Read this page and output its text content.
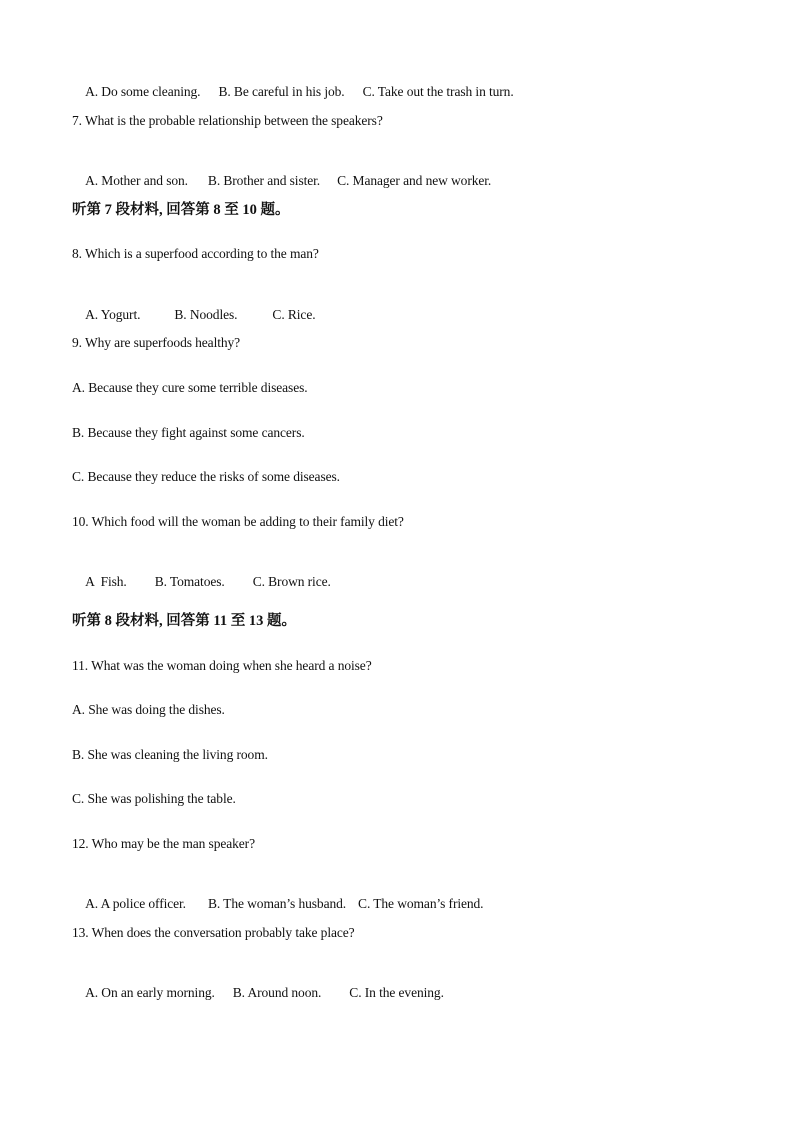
A. Do some cleaning. B. Be careful in his job. C. Take out the trash in turn.

7. What is the probable relationship between the speakers?

A. Mother and son. B. Brother and sister. C. Manager and new worker.

听第 7 段材料, 回答第 8 至 10 题。
8. Which is a superfood according to the man?

A. Yogurt.	B. Noodles.	C. Rice.

9. Why are superfoods healthy?
A. Because they cure some terrible diseases.
B. Because they fight against some cancers.
C. Because they reduce the risks of some diseases.
10. Which food will the woman be adding to their family diet?

A  Fish. B. Tomatoes. C. Brown rice.

听第 8 段材料, 回答第 11 至 13 题。
11. What was the woman doing when she heard a noise?
A. She was doing the dishes.
B. She was cleaning the living room.
C. She was polishing the table.
12. Who may be the man speaker?

A. A police officer. B. The woman’s husband. C. The woman’s friend.

13. When does the conversation probably take place?

A. On an early morning. B. Around noon. C. In the evening.
